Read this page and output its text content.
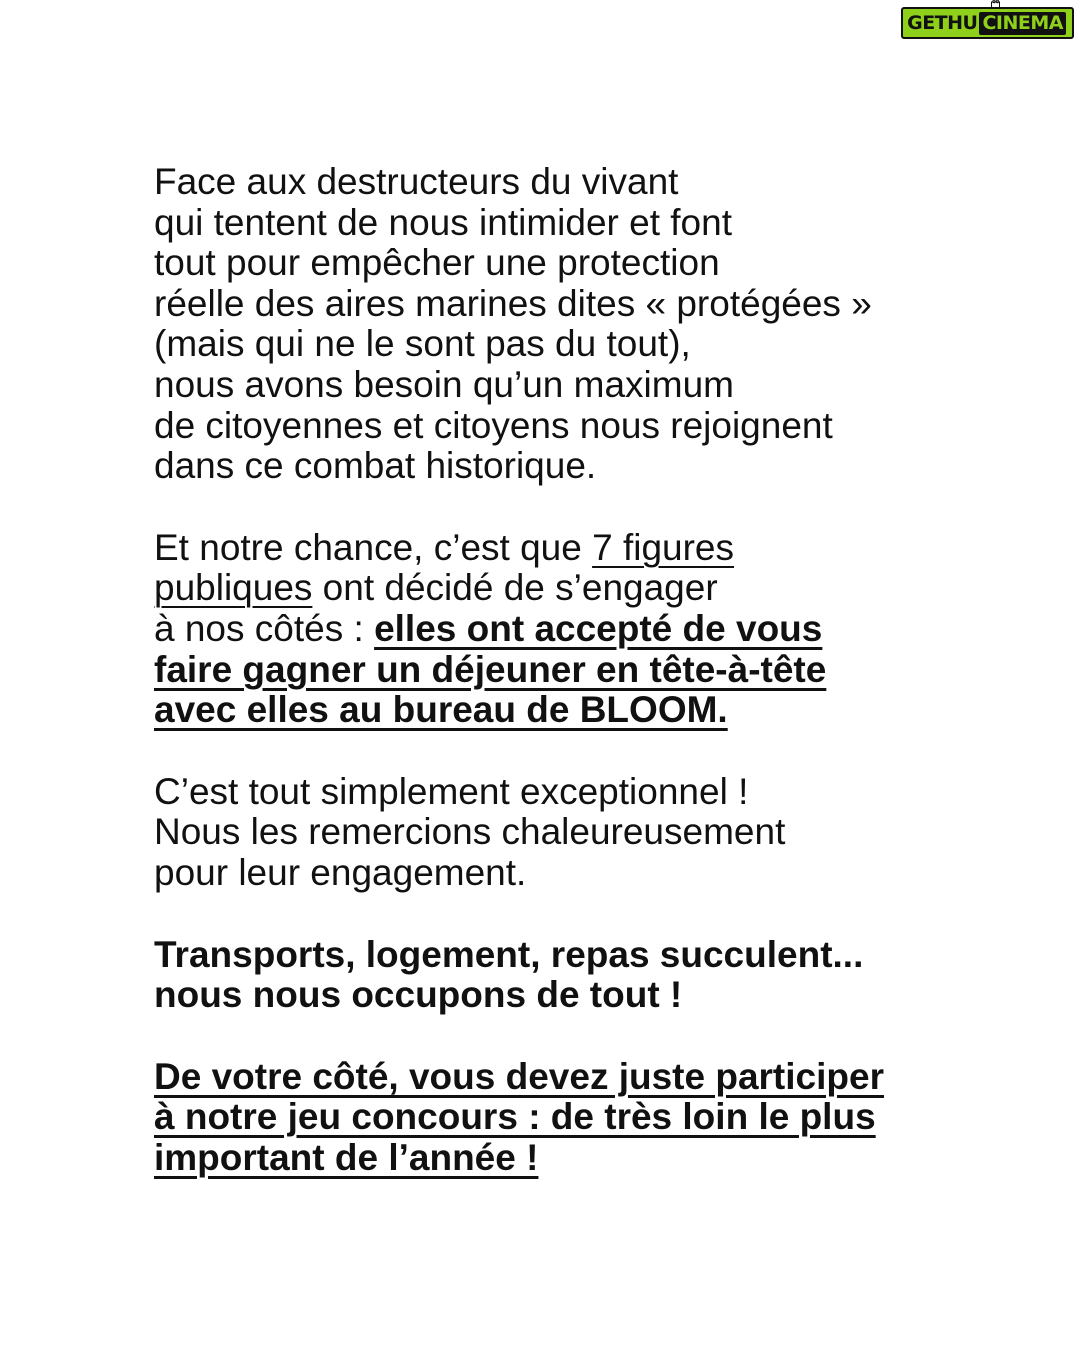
GETHU CINEMA

Face aux destructeurs du vivant
qui tentent de nous intimider et font
tout pour empêcher une protection
réelle des aires marines dites « protégées »
(mais qui ne le sont pas du tout),
nous avons besoin qu’un maximum
de citoyennes et citoyens nous rejoignent
dans ce combat historique.

Et notre chance, c’est que 7 figures
publiques ont décidé de s’engager
à nos côtés : elles ont accepté de vous
faire gagner un déjeuner en tête-à-tête
avec elles au bureau de BLOOM.

C’est tout simplement exceptionnel !
Nous les remercions chaleureusement
pour leur engagement.

Transports, logement, repas succulent...
nous nous occupons de tout !

De votre côté, vous devez juste participer
à notre jeu concours : de très loin le plus
important de l’année !
